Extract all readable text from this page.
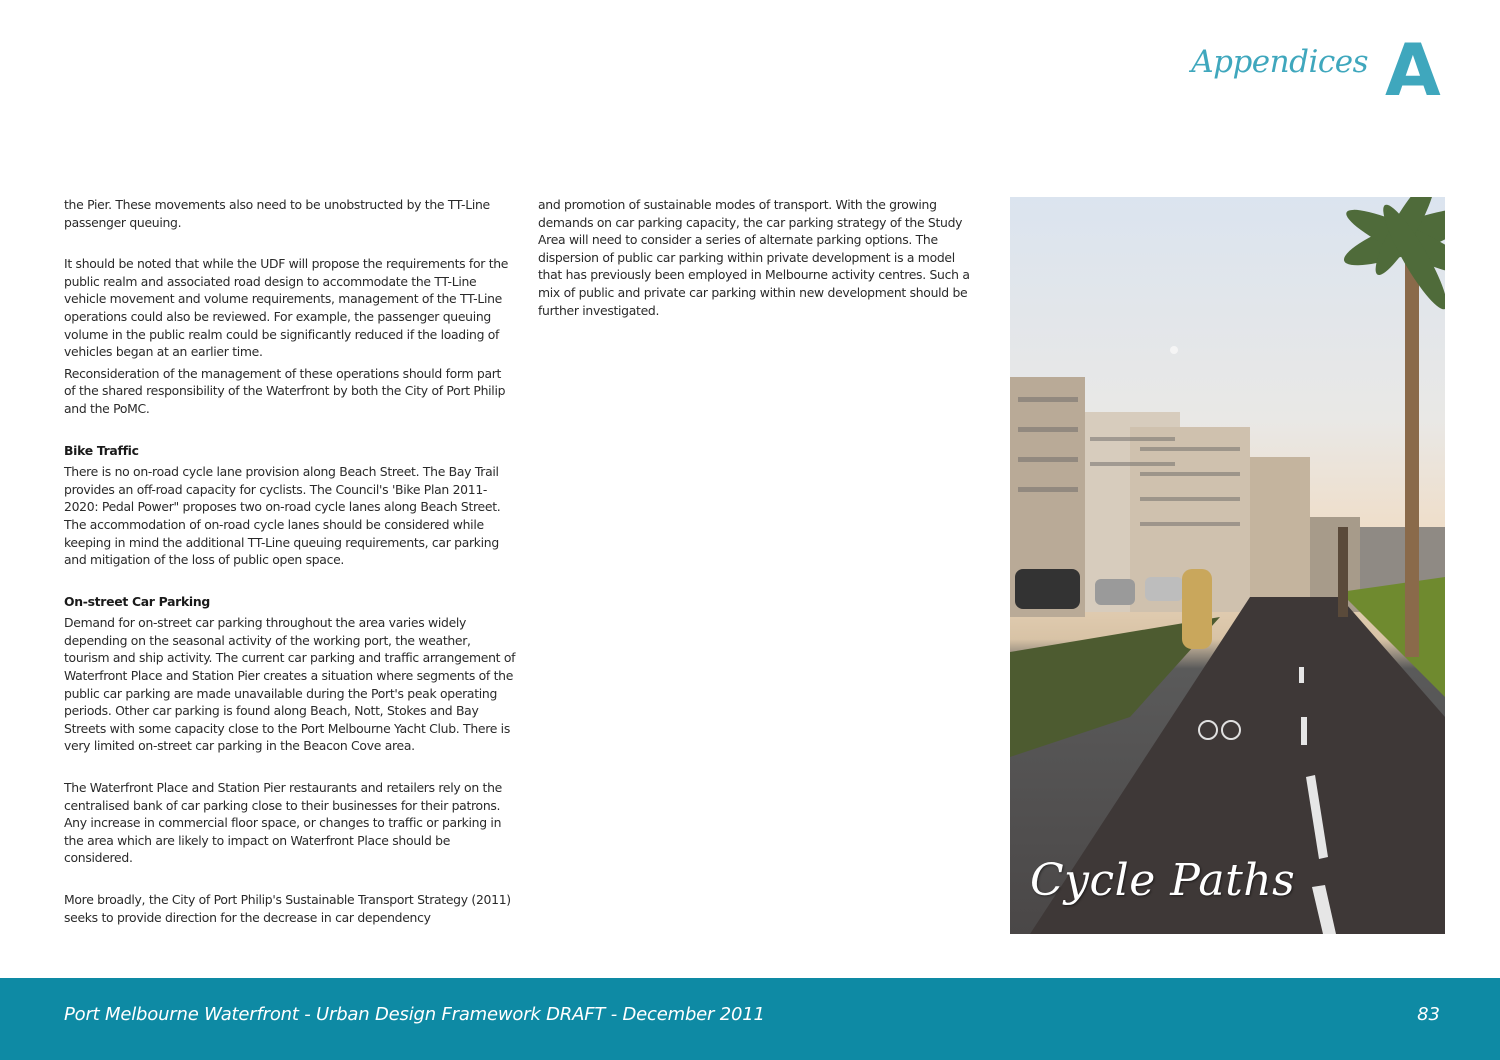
Appendices A

the Pier. These movements also need to be unobstructed by the TT-Line passenger queuing.

It should be noted that while the UDF will propose the requirements for the public realm and associated road design to accommodate the TT-Line vehicle movement and volume requirements, management of the TT-Line operations could also be reviewed. For example, the passenger queuing volume in the public realm could be significantly reduced if the loading of vehicles began at an earlier time.

Reconsideration of the management of these operations should form part of the shared responsibility of the Waterfront by both the City of Port Philip and the PoMC.

Bike Traffic

There is no on-road cycle lane provision along Beach Street. The Bay Trail provides an off-road capacity for cyclists. The Council's 'Bike Plan 2011-2020: Pedal Power" proposes two on-road cycle lanes along Beach Street. The accommodation of on-road cycle lanes should be considered while keeping in mind the additional TT-Line queuing requirements, car parking and mitigation of the loss of public open space.

On-street Car Parking

Demand for on-street car parking throughout the area varies widely depending on the seasonal activity of the working port, the weather, tourism and ship activity. The current car parking and traffic arrangement of Waterfront Place and Station Pier creates a situation where segments of the public car parking are made unavailable during the Port's peak operating periods. Other car parking is found along Beach, Nott, Stokes and Bay Streets with some capacity close to the Port Melbourne Yacht Club. There is very limited on-street car parking in the Beacon Cove area.

The Waterfront Place and Station Pier restaurants and retailers rely on the centralised bank of car parking close to their businesses for their patrons. Any increase in commercial floor space, or changes to traffic or parking in the area which are likely to impact on Waterfront Place should be considered.

More broadly, the City of Port Philip's Sustainable Transport Strategy (2011) seeks to provide direction for the decrease in car dependency

and promotion of sustainable modes of transport. With the growing demands on car parking capacity, the car parking strategy of the Study Area will need to consider a series of alternate parking options. The dispersion of public car parking within private development is a model that has previously been employed in Melbourne activity centres. Such a mix of public and private car parking within new development should be further investigated.

Cycle Paths
Port Melbourne Waterfront - Urban Design Framework DRAFT - December 2011	83
